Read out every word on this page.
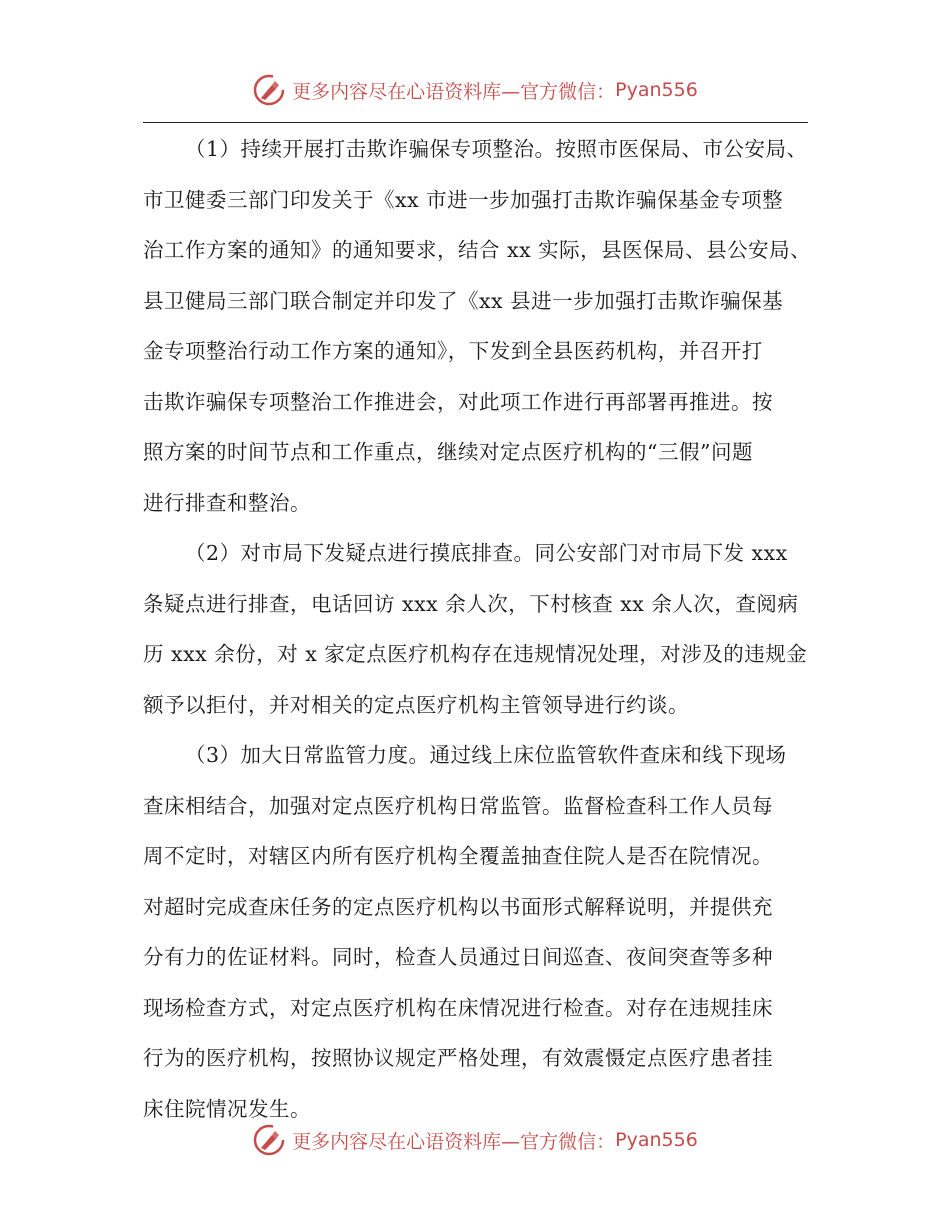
更多内容尽在心语资料库—官方微信： Pyan556
（1）持续开展打击欺诈骗保专项整治。按照市医保局、市公安局、
市卫健委三部门印发关于《xx 市进一步加强打击欺诈骗保基金专项整
治工作方案的通知》的通知要求，结合 xx 实际，县医保局、县公安局、
县卫健局三部门联合制定并印发了《xx 县进一步加强打击欺诈骗保基
金专项整治行动工作方案的通知》，下发到全县医药机构，并召开打
击欺诈骗保专项整治工作推进会，对此项工作进行再部署再推进。按
照方案的时间节点和工作重点，继续对定点医疗机构的“三假”问题
进行排查和整治。
（2）对市局下发疑点进行摸底排查。同公安部门对市局下发 xxx
条疑点进行排查，电话回访 xxx 余人次，下村核查 xx 余人次，查阅病
历 xxx 余份，对 x 家定点医疗机构存在违规情况处理，对涉及的违规金
额予以拒付，并对相关的定点医疗机构主管领导进行约谈。
（3）加大日常监管力度。通过线上床位监管软件查床和线下现场
查床相结合，加强对定点医疗机构日常监管。监督检查科工作人员每
周不定时，对辖区内所有医疗机构全覆盖抽查住院人是否在院情况。
对超时完成查床任务的定点医疗机构以书面形式解释说明，并提供充
分有力的佐证材料。同时，检查人员通过日间巡查、夜间突查等多种
现场检查方式，对定点医疗机构在床情况进行检查。对存在违规挂床
行为的医疗机构，按照协议规定严格处理，有效震慑定点医疗患者挂
床住院情况发生。
更多内容尽在心语资料库—官方微信： Pyan556
